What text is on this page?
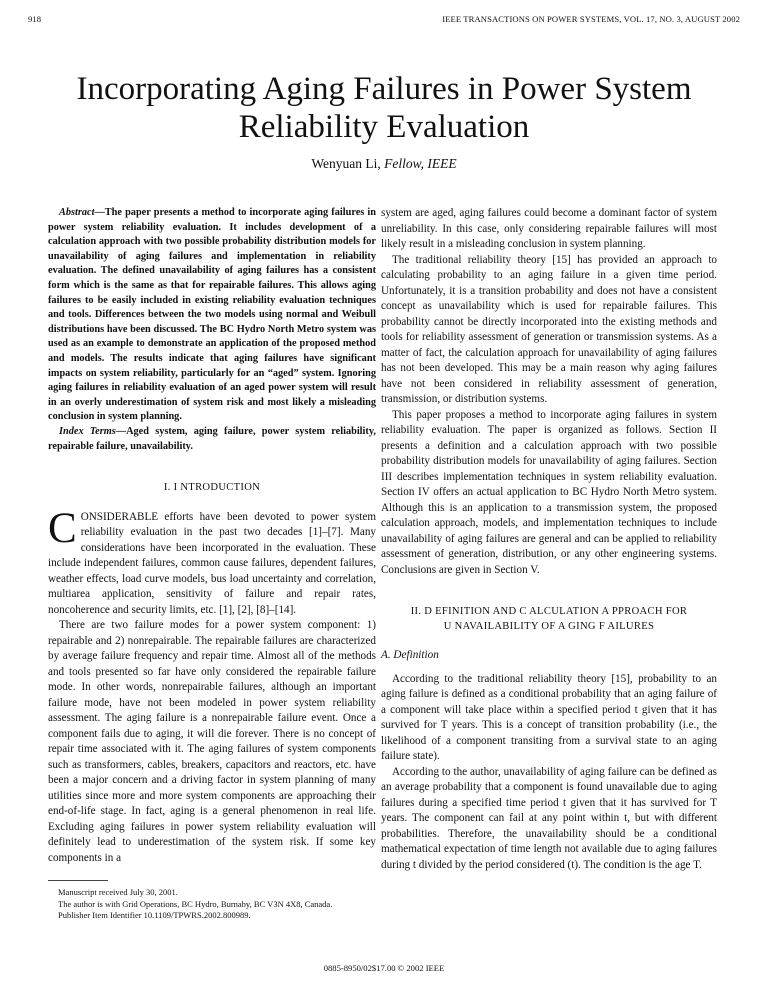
918	IEEE TRANSACTIONS ON POWER SYSTEMS, VOL. 17, NO. 3, AUGUST 2002
Incorporating Aging Failures in Power System
Reliability Evaluation
Wenyuan Li, Fellow, IEEE

Abstract—The paper presents a method to incorporate aging failures in power system reliability evaluation. It includes development of a calculation approach with two possible probability distribution models for unavailability of aging failures and implementation in reliability evaluation. The defined unavailability of aging failures has a consistent form which is the same as that for repairable failures. This allows aging failures to be easily included in existing reliability evaluation techniques and tools. Differences between the two models using normal and Weibull distributions have been discussed. The BC Hydro North Metro system was used as an example to demonstrate an application of the proposed method and models. The results indicate that aging failures have significant impacts on system reliability, particularly for an “aged” system. Ignoring aging failures in reliability evaluation of an aged power system will result in an overly underestimation of system risk and most likely a misleading conclusion in system planning.

Index Terms—Aged system, aging failure, power system reliability, repairable failure, unavailability.

I. I NTRODUCTION

CONSIDERABLE efforts have been devoted to power system reliability evaluation in the past two decades [1]–[7]. Many considerations have been incorporated in the evaluation. These include independent failures, common cause failures, dependent failures, weather effects, load curve models, bus load uncertainty and correlation, multiarea application, sensitivity of failure and repair rates, noncoherence and security limits, etc. [1], [2], [8]–[14].

There are two failure modes for a power system component: 1) repairable and 2) nonrepairable. The repairable failures are characterized by average failure frequency and repair time. Almost all of the methods and tools presented so far have only considered the repairable failure mode. In other words, nonrepairable failures, although an important failure mode, have not been modeled in power system reliability assessment. The aging failure is a nonrepairable failure event. Once a component fails due to aging, it will die forever. There is no concept of repair time associated with it. The aging failures of system components such as transformers, cables, breakers, capacitors and reactors, etc. have been a major concern and a driving factor in system planning of many utilities since more and more system components are approaching their end-of-life stage. In fact, aging is a general phenomenon in real life. Excluding aging failures in power system reliability evaluation will definitely lead to underestimation of the system risk. If some key components in a

system are aged, aging failures could become a dominant factor of system unreliability. In this case, only considering repairable failures will most likely result in a misleading conclusion in system planning.

The traditional reliability theory [15] has provided an approach to calculating probability to an aging failure in a given time period. Unfortunately, it is a transition probability and does not have a consistent concept as unavailability which is used for repairable failures. This probability cannot be directly incorporated into the existing methods and tools for reliability assessment of generation or transmission systems. As a matter of fact, the calculation approach for unavailability of aging failures has not been developed. This may be a main reason why aging failures have not been considered in reliability assessment of generation, transmission, or distribution systems.

This paper proposes a method to incorporate aging failures in system reliability evaluation. The paper is organized as follows. Section II presents a definition and a calculation approach with two possible probability distribution models for unavailability of aging failures. Section III describes implementation techniques in system reliability evaluation. Section IV offers an actual application to BC Hydro North Metro system. Although this is an application to a transmission system, the proposed calculation approach, models, and implementation techniques to include unavailability of aging failures are general and can be applied to reliability assessment of generation, distribution, or any other engineering systems. Conclusions are given in Section V.

II. D EFINITION AND C ALCULATION A PPROACH FOR
U NAVAILABILITY OF A GING F AILURES
A. Definition

According to the traditional reliability theory [15], probability to an aging failure is defined as a conditional probability that an aging failure of a component will take place within a specified period t given that it has survived for T years. This is a concept of transition probability (i.e., the likelihood of a component transiting from a survival state to an aging failure state).

According to the author, unavailability of aging failure can be defined as an average probability that a component is found unavailable due to aging failures during a specified time period t given that it has survived for T years. The component can fail at any point within t, but with different probabilities. Therefore, the unavailability should be a conditional mathematical expectation of time length not available due to aging failures during t divided by the period considered (t). The condition is the age T.

Manuscript received July 30, 2001.

The author is with Grid Operations, BC Hydro, Burnaby, BC V3N 4X8, Canada.

Publisher Item Identifier 10.1109/TPWRS.2002.800989.

0885-8950/02$17.00 © 2002 IEEE
